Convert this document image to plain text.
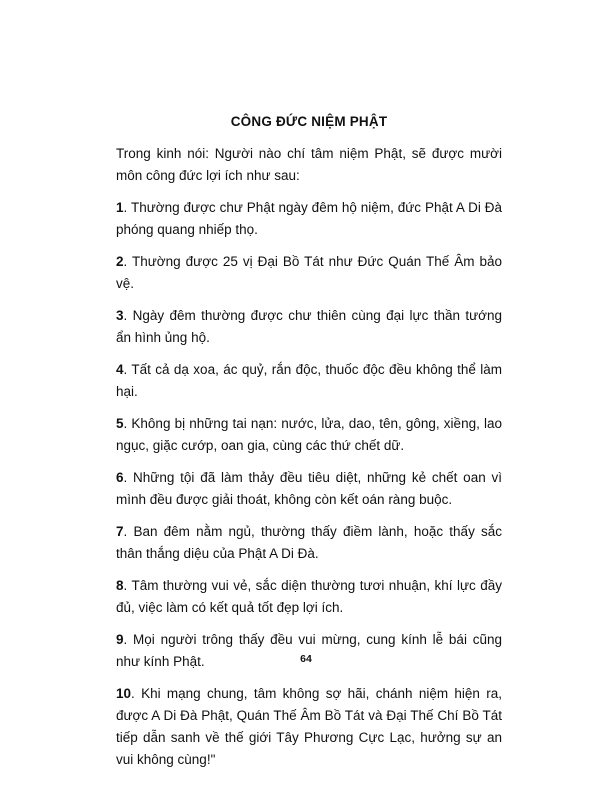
CÔNG ĐỨC NIỆM PHẬT

Trong kinh nói: Người nào chí tâm niệm Phật, sẽ được mười môn công đức lợi ích như sau:

1. Thường được chư Phật ngày đêm hộ niệm, đức Phật A Di Đà phóng quang nhiếp thọ.

2. Thường được 25 vị Đại Bồ Tát như Đức Quán Thế Âm bảo vệ.

3. Ngày đêm thường được chư thiên cùng đại lực thần tướng ẩn hình ủng hộ.

4. Tất cả dạ xoa, ác quỷ, rắn độc, thuốc độc đều không thể làm hại.

5. Không bị những tai nạn: nước, lửa, dao, tên, gông, xiềng, lao ngục, giặc cướp, oan gia, cùng các thứ chết dữ.

6. Những tội đã làm thảy đều tiêu diệt, những kẻ chết oan vì mình đều được giải thoát, không còn kết oán ràng buộc.

7. Ban đêm nằm ngủ, thường thấy điềm lành, hoặc thấy sắc thân thắng diệu của Phật A Di Đà.

8. Tâm thường vui vẻ, sắc diện thường tươi nhuận, khí lực đầy đủ, việc làm có kết quả tốt đẹp lợi ích.

9. Mọi người trông thấy đều vui mừng, cung kính lễ bái cũng như kính Phật.

10. Khi mạng chung, tâm không sợ hãi, chánh niệm hiện ra, được A Di Đà Phật, Quán Thế Âm Bồ Tát và Đại Thế Chí Bồ Tát tiếp dẫn sanh về thế giới Tây Phương Cực Lạc, hưởng sự an vui không cùng!"

64
